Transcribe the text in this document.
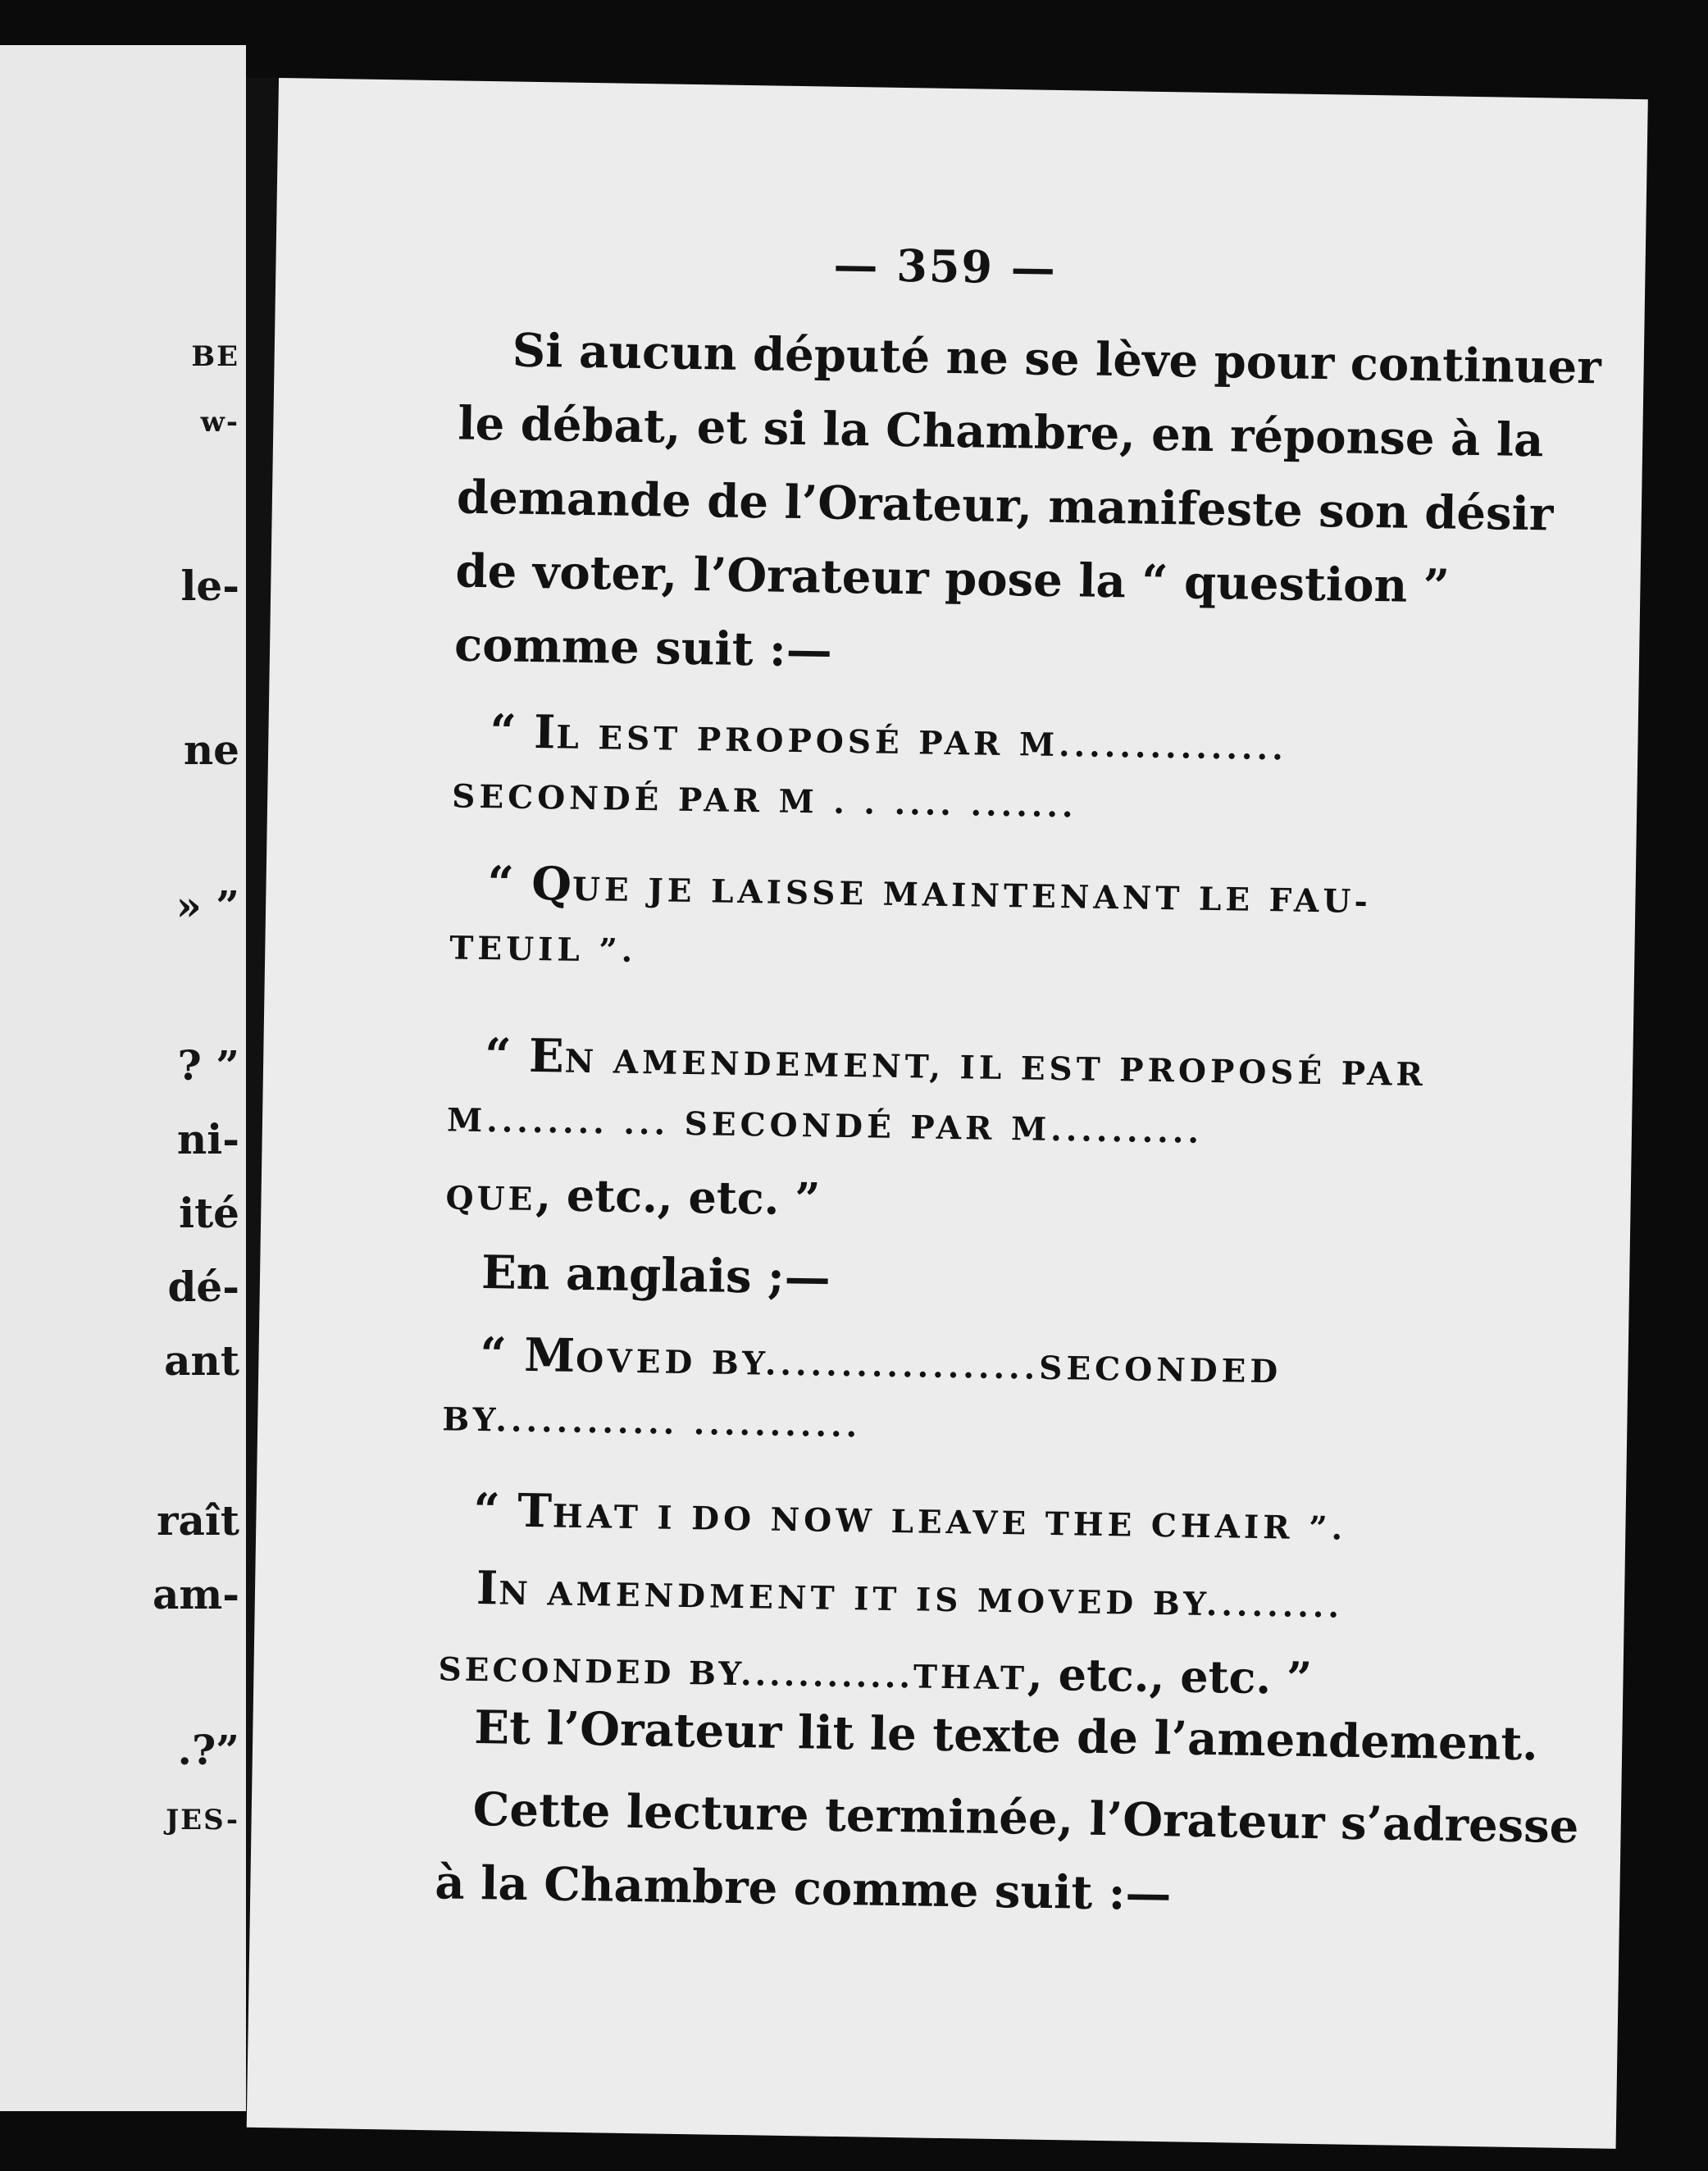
BE
w-
le-
ne
» ”
? ”
ni-
ité
dé-
ant
raît
am-
.?”
JES-
— 359 —
Si aucun député ne se lève pour continuer
le débat, et si la Chambre, en réponse à la
demande de l’Orateur, manifeste son désir
de voter, l’Orateur pose la “ question ”
comme suit :—
“ IL EST PROPOSÉ PAR M...............
SECONDÉ PAR M . . .... .......
“ QUE JE LAISSE MAINTENANT LE FAU-
TEUIL ”.
“ EN AMENDEMENT, IL EST PROPOSÉ PAR
M........ ... SECONDÉ PAR M..........
QUE, etc., etc. ”
En anglais ;—
“ MOVED BY..................SECONDED
BY............ ...........
“ THAT I DO NOW LEAVE THE CHAIR ”.
IN AMENDMENT IT IS MOVED BY.........
SECONDED BY............THAT, etc., etc. ”
Et l’Orateur lit le texte de l’amendement.
Cette lecture terminée, l’Orateur s’adresse
à la Chambre comme suit :—
